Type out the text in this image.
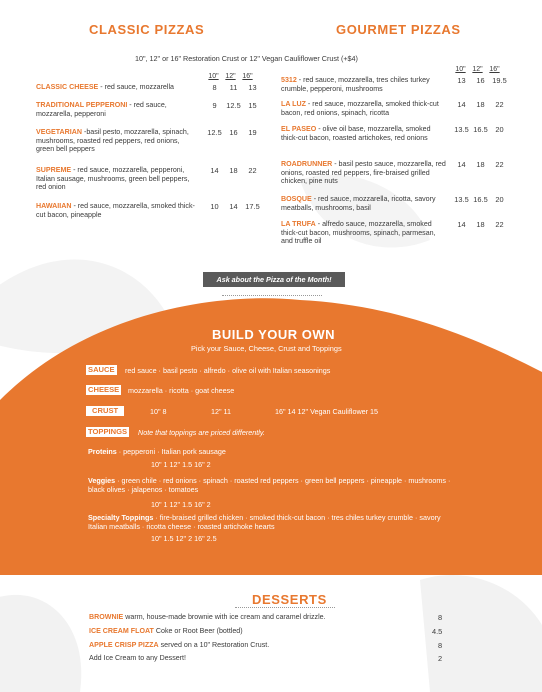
CLASSIC PIZZAS	GOURMET PIZZAS
10", 12" or 16" Restoration Crust or 12" Vegan Cauliflower Crust (+$4)
10" 12" 16"
10" 12" 16"
CLASSIC CHEESE - red sauce, mozzarella	8 11 13
TRADITIONAL PEPPERONI - red sauce, mozzarella, pepperoni
9 12.5 15
VEGETARIAN -basil pesto, mozzarella, spinach, mushrooms, roasted red peppers, red onions, green bell peppers
12.5 16 19
SUPREME - red sauce, mozzarella, pepperoni, Italian sausage, mushrooms, green bell peppers, red onion
14 18 22
HAWAIIAN - red sauce, mozzarella, smoked thick-cut bacon, pineapple
10 14 17.5
5312 - red sauce, mozzarella, tres chiles turkey crumble, pepperoni, mushrooms
13 16 19.5
LA LUZ - red sauce, mozzarella, smoked thick-cut bacon, red onions, spinach, ricotta
14 18 22
EL PASEO - olive oil base, mozzarella, smoked thick-cut bacon, roasted artichokes, red onions
13.5 16.5 20
ROADRUNNER - basil pesto sauce, mozzarella, red onions, roasted red peppers, fire-braised grilled chicken, pine nuts
14 18 22
BOSQUE - red sauce, mozzarella, ricotta, savory meatballs, mushrooms, basil
13.5 16.5 20
LA TRUFA - alfredo sauce, mozzarella, smoked thick-cut bacon, mushrooms, spinach, parmesan, and truffle oil
14 18 22
Ask about the Pizza of the Month!
BUILD YOUR OWN
Pick your Sauce, Cheese, Crust and Toppings
SAUCE red sauce · basil pesto · alfredo · olive oil with Italian seasonings
CHEESE mozzarella · ricotta · goat cheese
CRUST	10" 8	12" 11	16" 14 12" Vegan Cauliflower 15
TOPPINGS Note that toppings are priced differently.
Proteins · pepperoni · Italian pork sausage
10" 1 12" 1.5 16" 2
Veggies · green chile · red onions · spinach · roasted red peppers · green bell peppers · pineapple · mushrooms · black olives · jalapenos · tomatoes
10" 1 12" 1.5 16" 2
Specialty Toppings · fire-braised grilled chicken · smoked thick-cut bacon · tres chiles turkey crumble · savory Italian meatballs · ricotta cheese · roasted artichoke hearts
10" 1.5 12" 2 16" 2.5
DESSERTS
BROWNIE warm, house-made brownie with ice cream and caramel drizzle.	8
ICE CREAM FLOAT Coke or Root Beer (bottled)	4.5
APPLE CRISP PIZZA served on a 10" Restoration Crust.	8
Add Ice Cream to any Dessert!	2
